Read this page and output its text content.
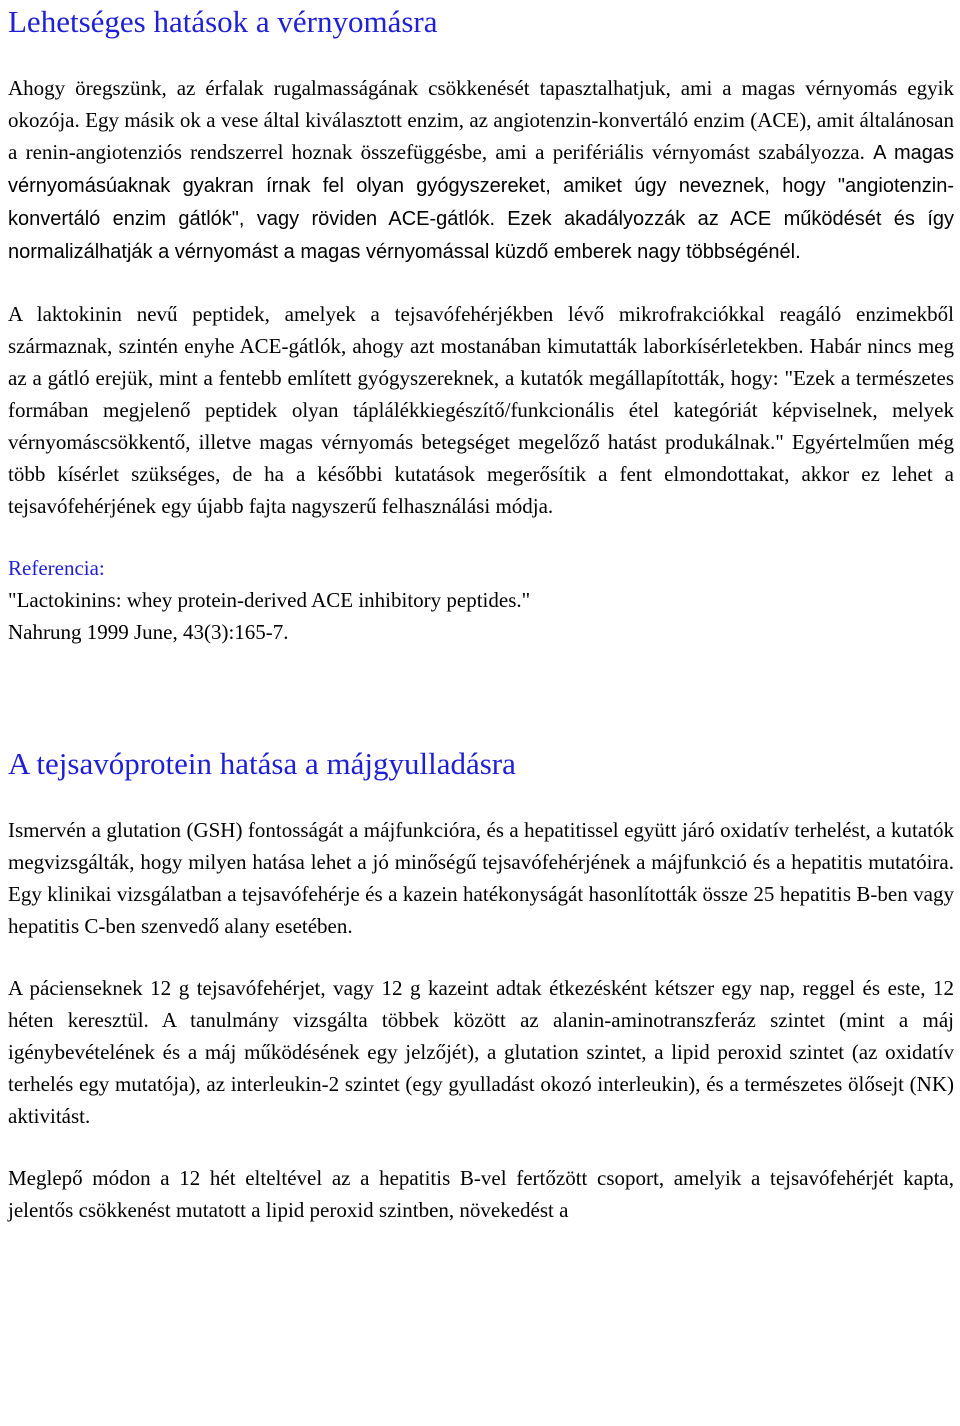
Lehetséges hatások a vérnyomásra

Ahogy öregszünk, az érfalak rugalmasságának csökkenését tapasztalhatjuk, ami a magas vérnyomás egyik okozója. Egy másik ok a vese által kiválasztott enzim, az angiotenzin-konvertáló enzim (ACE), amit általánosan a renin-angiotenziós rendszerrel hoznak összefüggésbe, ami a perifériális vérnyomást szabályozza. A magas vérnyomásúaknak gyakran írnak fel olyan gyógyszereket, amiket úgy neveznek, hogy "angiotenzin-konvertáló enzim gátlók", vagy röviden ACE-gátlók. Ezek akadályozzák az ACE működését és így normalizálhatják a vérnyomást a magas vérnyomással küzdő emberek nagy többségénél.

A laktokinin nevű peptidek, amelyek a tejsavófehérjékben lévő mikrofrakciókkal reagáló enzimekből származnak, szintén enyhe ACE-gátlók, ahogy azt mostanában kimutatták laborkísérletekben. Habár nincs meg az a gátló erejük, mint a fentebb említett gyógyszereknek, a kutatók megállapították, hogy: "Ezek a természetes formában megjelenő peptidek olyan táplálékkiegészítő/funkcionális étel kategóriát képviselnek, melyek vérnyomáscsökkentő, illetve magas vérnyomás betegséget megelőző hatást produkálnak." Egyértelműen még több kísérlet szükséges, de ha a későbbi kutatások megerősítik a fent elmondottakat, akkor ez lehet a tejsavófehérjének egy újabb fajta nagyszerű felhasználási módja.

Referencia:
"Lactokinins: whey protein-derived ACE inhibitory peptides."
Nahrung 1999 June, 43(3):165-7.
A tejsavóprotein hatása a májgyulladásra

Ismervén a glutation (GSH) fontosságát a májfunkcióra, és a hepatitissel együtt járó oxidatív terhelést, a kutatók megvizsgálták, hogy milyen hatása lehet a jó minőségű tejsavófehérjének a májfunkció és a hepatitis mutatóira. Egy klinikai vizsgálatban a tejsavófehérje és a kazein hatékonyságát hasonlították össze 25 hepatitis B-ben vagy hepatitis C-ben szenvedő alany esetében.

A pácienseknek 12 g tejsavófehérjet, vagy 12 g kazeint adtak étkezésként kétszer egy nap, reggel és este, 12 héten keresztül. A tanulmány vizsgálta többek között az alanin-aminotranszferáz szintet (mint a máj igénybevételének és a máj működésének egy jelzőjét), a glutation szintet, a lipid peroxid szintet (az oxidatív terhelés egy mutatója), az interleukin-2 szintet (egy gyulladást okozó interleukin), és a természetes ölősejt (NK) aktivitást.

Meglepő módon a 12 hét elteltével az a hepatitis B-vel fertőzött csoport, amelyik a tejsavófehérjét kapta, jelentős csökkenést mutatott a lipid peroxid szintben, növekedést a
